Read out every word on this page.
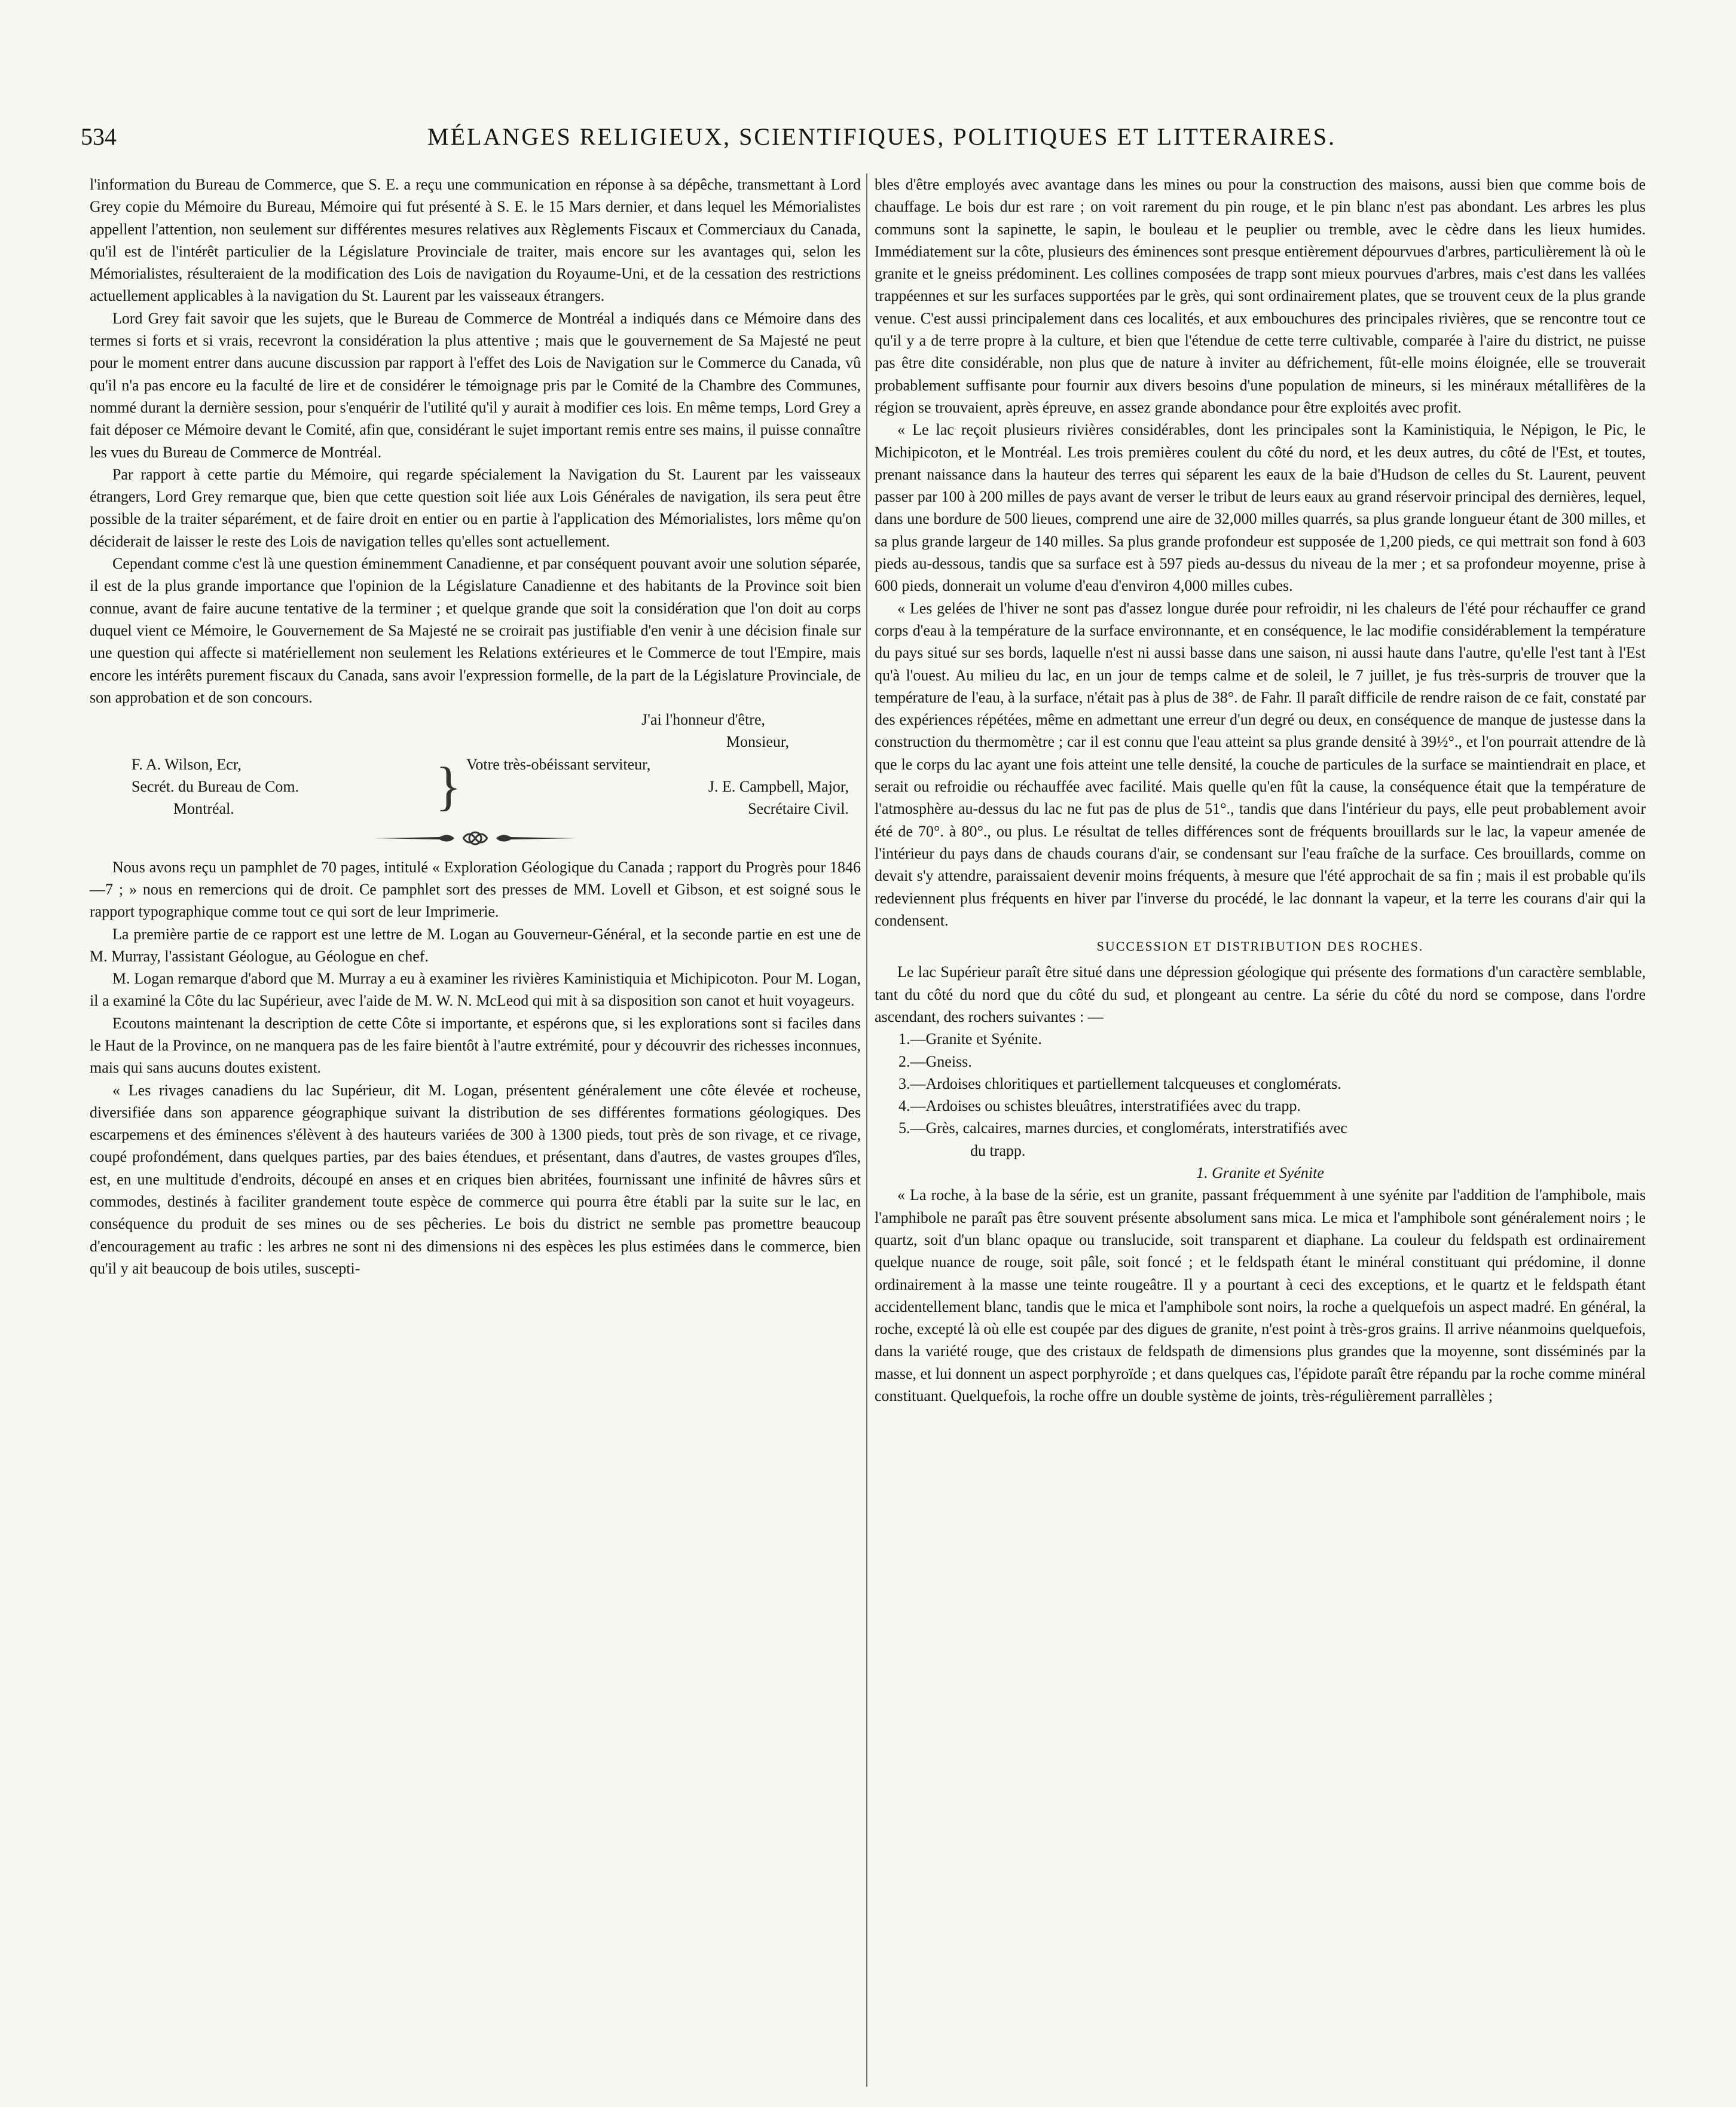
534	MÉLANGES RELIGIEUX, SCIENTIFIQUES, POLITIQUES ET LITTERAIRES.

l'information du Bureau de Commerce, que S. E. a reçu une communication en réponse à sa dépêche, transmettant à Lord Grey copie du Mémoire du Bureau, Mémoire qui fut présenté à S. E. le 15 Mars dernier, et dans lequel les Mémorialistes appellent l'attention, non seulement sur différentes mesures relatives aux Règlements Fiscaux et Commerciaux du Canada, qu'il est de l'intérêt particulier de la Législature Provinciale de traiter, mais encore sur les avantages qui, selon les Mémorialistes, résulteraient de la modification des Lois de navigation du Royaume-Uni, et de la cessation des restrictions actuellement applicables à la navigation du St. Laurent par les vaisseaux étrangers.

Lord Grey fait savoir que les sujets, que le Bureau de Commerce de Montréal a indiqués dans ce Mémoire dans des termes si forts et si vrais, recevront la considération la plus attentive ; mais que le gouvernement de Sa Majesté ne peut pour le moment entrer dans aucune discussion par rapport à l'effet des Lois de Navigation sur le Commerce du Canada, vû qu'il n'a pas encore eu la faculté de lire et de considérer le témoignage pris par le Comité de la Chambre des Communes, nommé durant la dernière session, pour s'enquérir de l'utilité qu'il y aurait à modifier ces lois. En même temps, Lord Grey a fait déposer ce Mémoire devant le Comité, afin que, considérant le sujet important remis entre ses mains, il puisse connaître les vues du Bureau de Commerce de Montréal.

Par rapport à cette partie du Mémoire, qui regarde spécialement la Navigation du St. Laurent par les vaisseaux étrangers, Lord Grey remarque que, bien que cette question soit liée aux Lois Générales de navigation, ils sera peut être possible de la traiter séparément, et de faire droit en entier ou en partie à l'application des Mémorialistes, lors même qu'on déciderait de laisser le reste des Lois de navigation telles qu'elles sont actuellement.

Cependant comme c'est là une question éminemment Canadienne, et par conséquent pouvant avoir une solution séparée, il est de la plus grande importance que l'opinion de la Législature Canadienne et des habitants de la Province soit bien connue, avant de faire aucune tentative de la terminer ; et quelque grande que soit la considération que l'on doit au corps duquel vient ce Mémoire, le Gouvernement de Sa Majesté ne se croirait pas justifiable d'en venir à une décision finale sur une question qui affecte si matériellement non seulement les Relations extérieures et le Commerce de tout l'Empire, mais encore les intérêts purement fiscaux du Canada, sans avoir l'expression formelle, de la part de la Législature Provinciale, de son approbation et de son concours.

J'ai l'honneur d'être,

Monsieur,

F. A. Wilson, Ecr,
Secrét. du Bureau de Com.
Montréal.	} Votre très-obéissant serviteur,
J. E. Campbell, Major,
Secrétaire Civil.

Nous avons reçu un pamphlet de 70 pages, intitulé « Exploration Géologique du Canada ; rapport du Progrès pour 1846—7 ; » nous en remercions qui de droit. Ce pamphlet sort des presses de MM. Lovell et Gibson, et est soigné sous le rapport typographique comme tout ce qui sort de leur Imprimerie.

La première partie de ce rapport est une lettre de M. Logan au Gouverneur-Général, et la seconde partie en est une de M. Murray, l'assistant Géologue, au Géologue en chef.

M. Logan remarque d'abord que M. Murray a eu à examiner les rivières Kaministiquia et Michipicoton. Pour M. Logan, il a examiné la Côte du lac Supérieur, avec l'aide de M. W. N. McLeod qui mit à sa disposition son canot et huit voyageurs.

Ecoutons maintenant la description de cette Côte si importante, et espérons que, si les explorations sont si faciles dans le Haut de la Province, on ne manquera pas de les faire bientôt à l'autre extrémité, pour y découvrir des richesses inconnues, mais qui sans aucuns doutes existent.

« Les rivages canadiens du lac Supérieur, dit M. Logan, présentent généralement une côte élevée et rocheuse, diversifiée dans son apparence géographique suivant la distribution de ses différentes formations géologiques. Des escarpemens et des éminences s'élèvent à des hauteurs variées de 300 à 1300 pieds, tout près de son rivage, et ce rivage, coupé profondément, dans quelques parties, par des baies étendues, et présentant, dans d'autres, de vastes groupes d'îles, est, en une multitude d'endroits, découpé en anses et en criques bien abritées, fournissant une infinité de hâvres sûrs et commodes, destinés à faciliter grandement toute espèce de commerce qui pourra être établi par la suite sur le lac, en conséquence du produit de ses mines ou de ses pêcheries. Le bois du district ne semble pas promettre beaucoup d'encouragement au trafic : les arbres ne sont ni des dimensions ni des espèces les plus estimées dans le commerce, bien qu'il y ait beaucoup de bois utiles, suscepti-

bles d'être employés avec avantage dans les mines ou pour la construction des maisons, aussi bien que comme bois de chauffage. Le bois dur est rare ; on voit rarement du pin rouge, et le pin blanc n'est pas abondant. Les arbres les plus communs sont la sapinette, le sapin, le bouleau et le peuplier ou tremble, avec le cèdre dans les lieux humides. Immédiatement sur la côte, plusieurs des éminences sont presque entièrement dépourvues d'arbres, particulièrement là où le granite et le gneiss prédominent. Les collines composées de trapp sont mieux pourvues d'arbres, mais c'est dans les vallées trappéennes et sur les surfaces supportées par le grès, qui sont ordinairement plates, que se trouvent ceux de la plus grande venue. C'est aussi principalement dans ces localités, et aux embouchures des principales rivières, que se rencontre tout ce qu'il y a de terre propre à la culture, et bien que l'étendue de cette terre cultivable, comparée à l'aire du district, ne puisse pas être dite considérable, non plus que de nature à inviter au défrichement, fût-elle moins éloignée, elle se trouverait probablement suffisante pour fournir aux divers besoins d'une population de mineurs, si les minéraux métallifères de la région se trouvaient, après épreuve, en assez grande abondance pour être exploités avec profit.

« Le lac reçoit plusieurs rivières considérables, dont les principales sont la Kaministiquia, le Népigon, le Pic, le Michipicoton, et le Montréal. Les trois premières coulent du côté du nord, et les deux autres, du côté de l'Est, et toutes, prenant naissance dans la hauteur des terres qui séparent les eaux de la baie d'Hudson de celles du St. Laurent, peuvent passer par 100 à 200 milles de pays avant de verser le tribut de leurs eaux au grand réservoir principal des dernières, lequel, dans une bordure de 500 lieues, comprend une aire de 32,000 milles quarrés, sa plus grande longueur étant de 300 milles, et sa plus grande largeur de 140 milles. Sa plus grande profondeur est supposée de 1,200 pieds, ce qui mettrait son fond à 603 pieds au-dessous, tandis que sa surface est à 597 pieds au-dessus du niveau de la mer ; et sa profondeur moyenne, prise à 600 pieds, donnerait un volume d'eau d'environ 4,000 milles cubes.

« Les gelées de l'hiver ne sont pas d'assez longue durée pour refroidir, ni les chaleurs de l'été pour réchauffer ce grand corps d'eau à la température de la surface environnante, et en conséquence, le lac modifie considérablement la température du pays situé sur ses bords, laquelle n'est ni aussi basse dans une saison, ni aussi haute dans l'autre, qu'elle l'est tant à l'Est qu'à l'ouest. Au milieu du lac, en un jour de temps calme et de soleil, le 7 juillet, je fus très-surpris de trouver que la température de l'eau, à la surface, n'était pas à plus de 38°. de Fahr. Il paraît difficile de rendre raison de ce fait, constaté par des expériences répétées, même en admettant une erreur d'un degré ou deux, en conséquence de manque de justesse dans la construction du thermomètre ; car il est connu que l'eau atteint sa plus grande densité à 39½°., et l'on pourrait attendre de là que le corps du lac ayant une fois atteint une telle densité, la couche de particules de la surface se maintiendrait en place, et serait ou refroidie ou réchauffée avec facilité. Mais quelle qu'en fût la cause, la conséquence était que la température de l'atmosphère au-dessus du lac ne fut pas de plus de 51°., tandis que dans l'intérieur du pays, elle peut probablement avoir été de 70°. à 80°., ou plus. Le résultat de telles différences sont de fréquents brouillards sur le lac, la vapeur amenée de l'intérieur du pays dans de chauds courans d'air, se condensant sur l'eau fraîche de la surface. Ces brouillards, comme on devait s'y attendre, paraissaient devenir moins fréquents, à mesure que l'été approchait de sa fin ; mais il est probable qu'ils redeviennent plus fréquents en hiver par l'inverse du procédé, le lac donnant la vapeur, et la terre les courans d'air qui la condensent.

SUCCESSION ET DISTRIBUTION DES ROCHES.

Le lac Supérieur paraît être situé dans une dépression géologique qui présente des formations d'un caractère semblable, tant du côté du nord que du côté du sud, et plongeant au centre. La série du côté du nord se compose, dans l'ordre ascendant, des rochers suivantes : —

1.—Granite et Syénite.

2.—Gneiss.

3.—Ardoises chloritiques et partiellement talcqueuses et conglomérats.

4.—Ardoises ou schistes bleuâtres, interstratifiées avec du trapp.

5.—Grès, calcaires, marnes durcies, et conglomérats, interstratifiés avec

du trapp.

1. Granite et Syénite

« La roche, à la base de la série, est un granite, passant fréquemment à une syénite par l'addition de l'amphibole, mais l'amphibole ne paraît pas être souvent présente absolument sans mica. Le mica et l'amphibole sont généralement noirs ; le quartz, soit d'un blanc opaque ou translucide, soit transparent et diaphane. La couleur du feldspath est ordinairement quelque nuance de rouge, soit pâle, soit foncé ; et le feldspath étant le minéral constituant qui prédomine, il donne ordinairement à la masse une teinte rougeâtre. Il y a pourtant à ceci des exceptions, et le quartz et le feldspath étant accidentellement blanc, tandis que le mica et l'amphibole sont noirs, la roche a quelquefois un aspect madré. En général, la roche, excepté là où elle est coupée par des digues de granite, n'est point à très-gros grains. Il arrive néanmoins quelquefois, dans la variété rouge, que des cristaux de feldspath de dimensions plus grandes que la moyenne, sont disséminés par la masse, et lui donnent un aspect porphyroïde ; et dans quelques cas, l'épidote paraît être répandu par la roche comme minéral constituant. Quelquefois, la roche offre un double système de joints, très-régulièrement parrallèles ;
